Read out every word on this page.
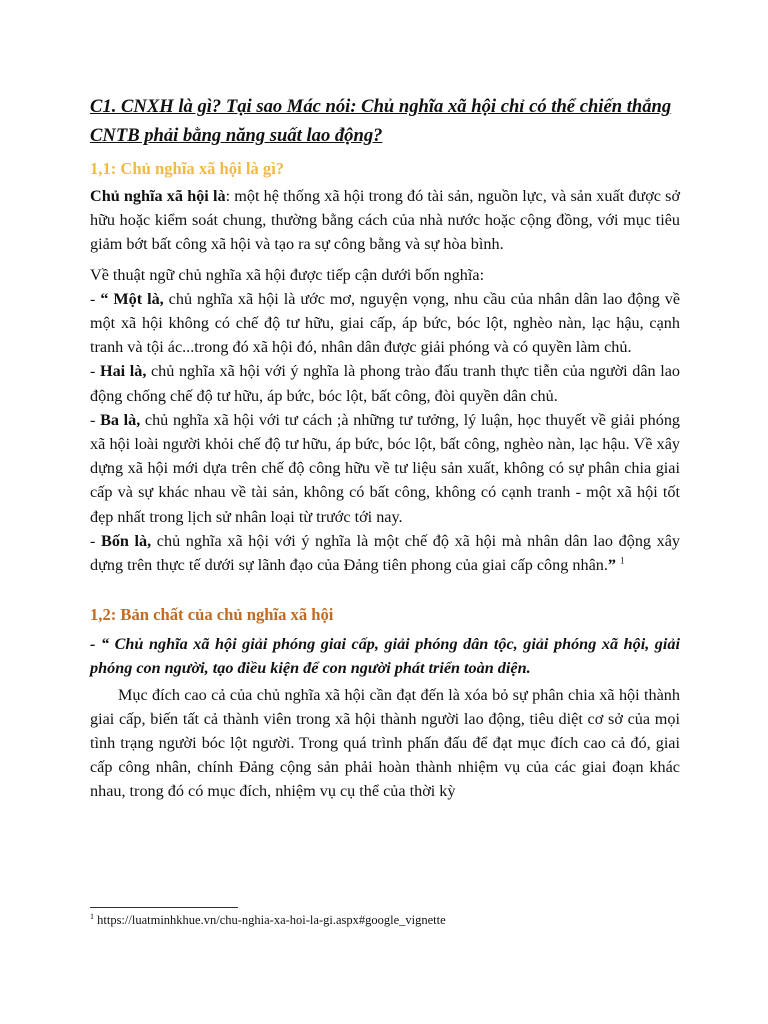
C1. CNXH là gì? Tại sao Mác nói: Chủ nghĩa xã hội chỉ có thể chiến thắng CNTB phải bằng năng suất lao động?
1,1: Chủ nghĩa xã hội là gì?

Chủ nghĩa xã hội là: một hệ thống xã hội trong đó tài sản, nguồn lực, và sản xuất được sở hữu hoặc kiểm soát chung, thường bằng cách của nhà nước hoặc cộng đồng, với mục tiêu giảm bớt bất công xã hội và tạo ra sự công bằng và sự hòa bình.

Về thuật ngữ chủ nghĩa xã hội được tiếp cận dưới bốn nghĩa:

- “ Một là, chủ nghĩa xã hội là ước mơ, nguyện vọng, nhu cầu của nhân dân lao động về một xã hội không có chế độ tư hữu, giai cấp, áp bức, bóc lột, nghèo nàn, lạc hậu, cạnh tranh và tội ác...trong đó xã hội đó, nhân dân được giải phóng và có quyền làm chủ.

- Hai là, chủ nghĩa xã hội với ý nghĩa là phong trào đấu tranh thực tiễn của người dân lao động chống chế độ tư hữu, áp bức, bóc lột, bất công, đòi quyền dân chủ.

- Ba là, chủ nghĩa xã hội với tư cách ;à những tư tưởng, lý luận, học thuyết về giải phóng xã hội loài người khỏi chế độ tư hữu, áp bức, bóc lột, bất công, nghèo nàn, lạc hậu. Về xây dựng xã hội mới dựa trên chế độ công hữu về tư liệu sản xuất, không có sự phân chia giai cấp và sự khác nhau về tài sản, không có bất công, không có cạnh tranh - một xã hội tốt đẹp nhất trong lịch sử nhân loại từ trước tới nay.

- Bốn là, chủ nghĩa xã hội với ý nghĩa là một chế độ xã hội mà nhân dân lao động xây dựng trên thực tế dưới sự lãnh đạo của Đảng tiên phong của giai cấp công nhân.” $^1$

1,2: Bản chất của chủ nghĩa xã hội

- “ Chủ nghĩa xã hội giải phóng giai cấp, giải phóng dân tộc, giải phóng xã hội, giải phóng con người, tạo điều kiện để con người phát triển toàn diện.

Mục đích cao cả của chủ nghĩa xã hội cần đạt đến là xóa bỏ sự phân chia xã hội thành giai cấp, biến tất cả thành viên trong xã hội thành người lao động, tiêu diệt cơ sở của mọi tình trạng người bóc lột người. Trong quá trình phấn đấu để đạt mục đích cao cả đó, giai cấp công nhân, chính Đảng cộng sản phải hoàn thành nhiệm vụ của các giai đoạn khác nhau, trong đó có mục đích, nhiệm vụ cụ thể của thời kỳ

$^1$ https://luatminhkhue.vn/chu-nghia-xa-hoi-la-gi.aspx#google_vignette
